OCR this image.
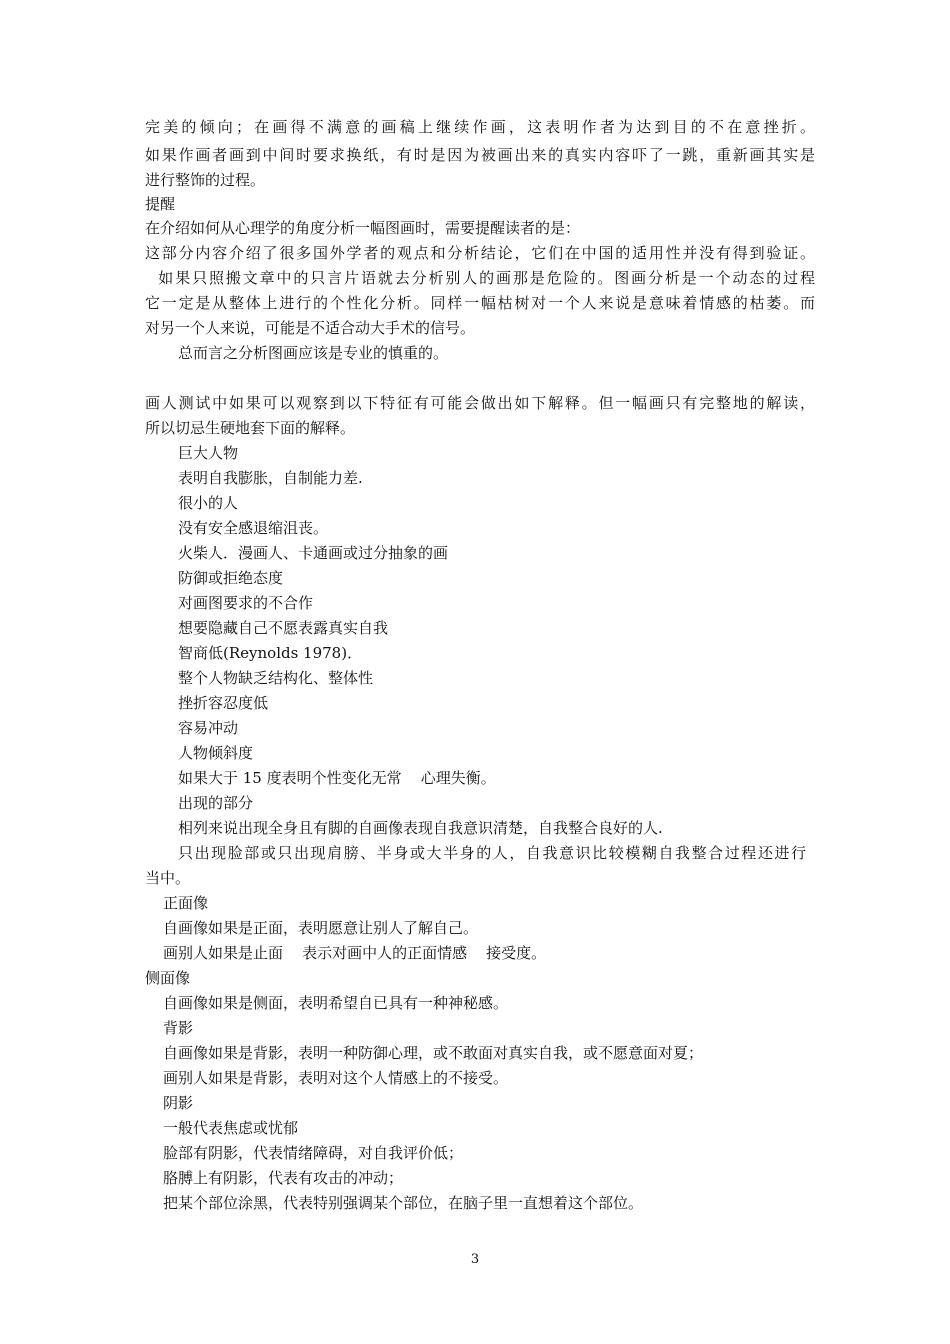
完美的倾向；在画得不满意的画稿上继续作画，这表明作者为达到目的不在意挫折。
如果作画者画到中间时要求换纸，有时是因为被画出来的真实内容吓了一跳，重新画其实是
进行整饰的过程。
提醒
在介绍如何从心理学的角度分析一幅图画时，需要提醒读者的是：
这部分内容介绍了很多国外学者的观点和分析结论，它们在中国的适用性并没有得到验证。
如果只照搬文章中的只言片语就去分析别人的画那是危险的。图画分析是一个动态的过程
它一定是从整体上进行的个性化分析。同样一幅枯树对一个人来说是意味着情感的枯萎。而
对另一个人来说，可能是不适合动大手术的信号。
总而言之分析图画应该是专业的慎重的。
画人测试中如果可以观察到以下特征有可能会做出如下解释。但一幅画只有完整地的解读，
所以切忌生硬地套下面的解释。
巨大人物
表明自我膨胀，自制能力差.
很小的人
没有安全感退缩沮丧。
火柴人．漫画人、卡通画或过分抽象的画
防御或拒绝态度
对画图要求的不合作
想要隐藏自己不愿表露真实自我
智商低(Reynolds 1978)．
整个人物缺乏结构化、整体性
挫折容忍度低
容易冲动
人物倾斜度
如果大于 15 度表明个性变化无常    心理失衡。
出现的部分
相列来说出现全身且有脚的自画像表现自我意识清楚，自我整合良好的人.
只出现脸部或只出现肩膀、半身或大半身的人，自我意识比较模糊自我整合过程还进行
当中。
正面像
自画像如果是正面，表明愿意让别人了解自己。
画别人如果是止面    表示对画中人的正面情感    接受度。
侧面像
自画像如果是侧面，表明希望自已具有一种神秘感。
背影
自画像如果是背影，表明一种防御心理，或不敢面对真实自我，或不愿意面对夏；
画别人如果是背影，表明对这个人情感上的不接受。
阴影
一般代表焦虑或忧郁
脸部有阴影，代表情绪障碍，对自我评价低；
胳膊上有阴影，代表有攻击的冲动；
把某个部位涂黑，代表特别强调某个部位，在脑子里一直想着这个部位。
3
